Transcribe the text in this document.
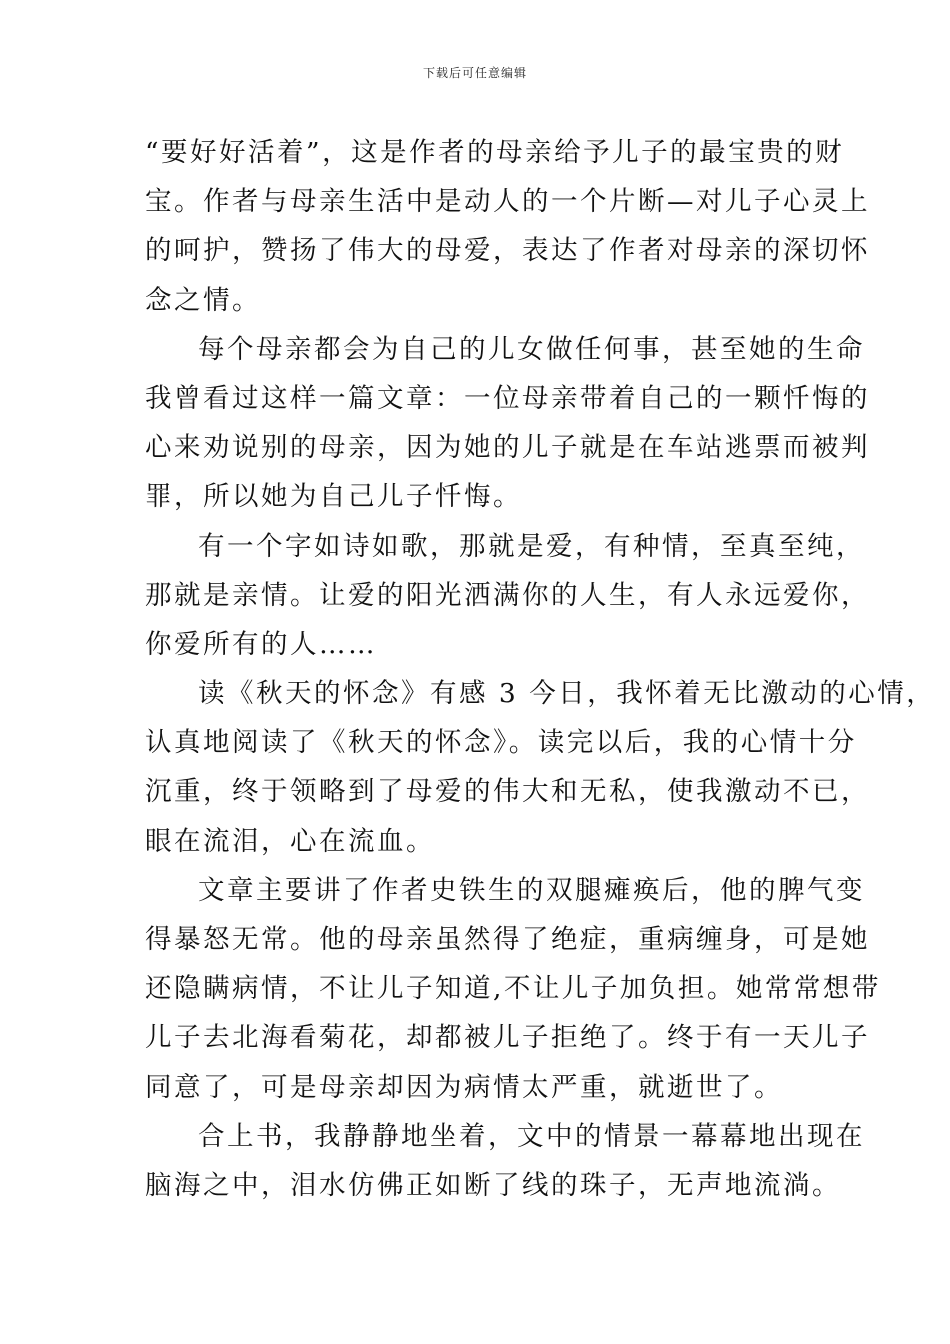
下载后可任意编辑

“要好好活着”，这是作者的母亲给予儿子的最宝贵的财
宝。作者与母亲生活中是动人的一个片断—对儿子心灵上
的呵护，赞扬了伟大的母爱，表达了作者对母亲的深切怀
念之情。

每个母亲都会为自己的儿女做任何事，甚至她的生命
我曾看过这样一篇文章：一位母亲带着自己的一颗忏悔的
心来劝说别的母亲，因为她的儿子就是在车站逃票而被判
罪，所以她为自己儿子忏悔。

有一个字如诗如歌，那就是爱，有种情，至真至纯，
那就是亲情。让爱的阳光洒满你的人生，有人永远爱你，
你爱所有的人……

读《秋天的怀念》有感 3 今日，我怀着无比激动的心情，
认真地阅读了《秋天的怀念》。读完以后，我的心情十分
沉重，终于领略到了母爱的伟大和无私，使我激动不已，
眼在流泪，心在流血。

文章主要讲了作者史铁生的双腿瘫痪后，他的脾气变
得暴怒无常。他的母亲虽然得了绝症，重病缠身，可是她
还隐瞒病情，不让儿子知道,不让儿子加负担。她常常想带
儿子去北海看菊花，却都被儿子拒绝了。终于有一天儿子
同意了，可是母亲却因为病情太严重，就逝世了。

合上书，我静静地坐着，文中的情景一幕幕地出现在
脑海之中，泪水仿佛正如断了线的珠子，无声地流淌。
